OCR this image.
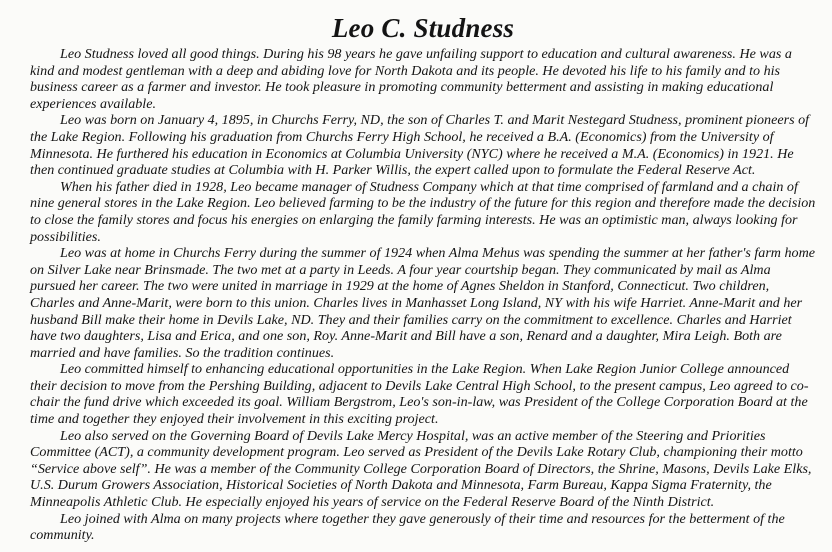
Leo C. Studness

Leo Studness loved all good things. During his 98 years he gave unfailing support to education and cultural awareness. He was a kind and modest gentleman with a deep and abiding love for North Dakota and its people. He devoted his life to his family and to his business career as a farmer and investor. He took pleasure in promoting community betterment and assisting in making educational experiences available.

Leo was born on January 4, 1895, in Churchs Ferry, ND, the son of Charles T. and Marit Nestegard Studness, prominent pioneers of the Lake Region. Following his graduation from Churchs Ferry High School, he received a B.A. (Economics) from the University of Minnesota. He furthered his education in Economics at Columbia University (NYC) where he received a M.A. (Economics) in 1921. He then continued graduate studies at Columbia with H. Parker Willis, the expert called upon to formulate the Federal Reserve Act.

When his father died in 1928, Leo became manager of Studness Company which at that time comprised of farmland and a chain of nine general stores in the Lake Region. Leo believed farming to be the industry of the future for this region and therefore made the decision to close the family stores and focus his energies on enlarging the family farming interests. He was an optimistic man, always looking for possibilities.

Leo was at home in Churchs Ferry during the summer of 1924 when Alma Mehus was spending the summer at her father's farm home on Silver Lake near Brinsmade. The two met at a party in Leeds. A four year courtship began. They communicated by mail as Alma pursued her career. The two were united in marriage in 1929 at the home of Agnes Sheldon in Stanford, Connecticut. Two children, Charles and Anne-Marit, were born to this union. Charles lives in Manhasset Long Island, NY with his wife Harriet. Anne-Marit and her husband Bill make their home in Devils Lake, ND. They and their families carry on the commitment to excellence. Charles and Harriet have two daughters, Lisa and Erica, and one son, Roy. Anne-Marit and Bill have a son, Renard and a daughter, Mira Leigh. Both are married and have families. So the tradition continues.

Leo committed himself to enhancing educational opportunities in the Lake Region. When Lake Region Junior College announced their decision to move from the Pershing Building, adjacent to Devils Lake Central High School, to the present campus, Leo agreed to co-chair the fund drive which exceeded its goal. William Bergstrom, Leo's son-in-law, was President of the College Corporation Board at the time and together they enjoyed their involvement in this exciting project.

Leo also served on the Governing Board of Devils Lake Mercy Hospital, was an active member of the Steering and Priorities Committee (ACT), a community development program. Leo served as President of the Devils Lake Rotary Club, championing their motto “Service above self”. He was a member of the Community College Corporation Board of Directors, the Shrine, Masons, Devils Lake Elks, U.S. Durum Growers Association, Historical Societies of North Dakota and Minnesota, Farm Bureau, Kappa Sigma Fraternity, the Minneapolis Athletic Club. He especially enjoyed his years of service on the Federal Reserve Board of the Ninth District.

Leo joined with Alma on many projects where together they gave generously of their time and resources for the betterment of the community.
